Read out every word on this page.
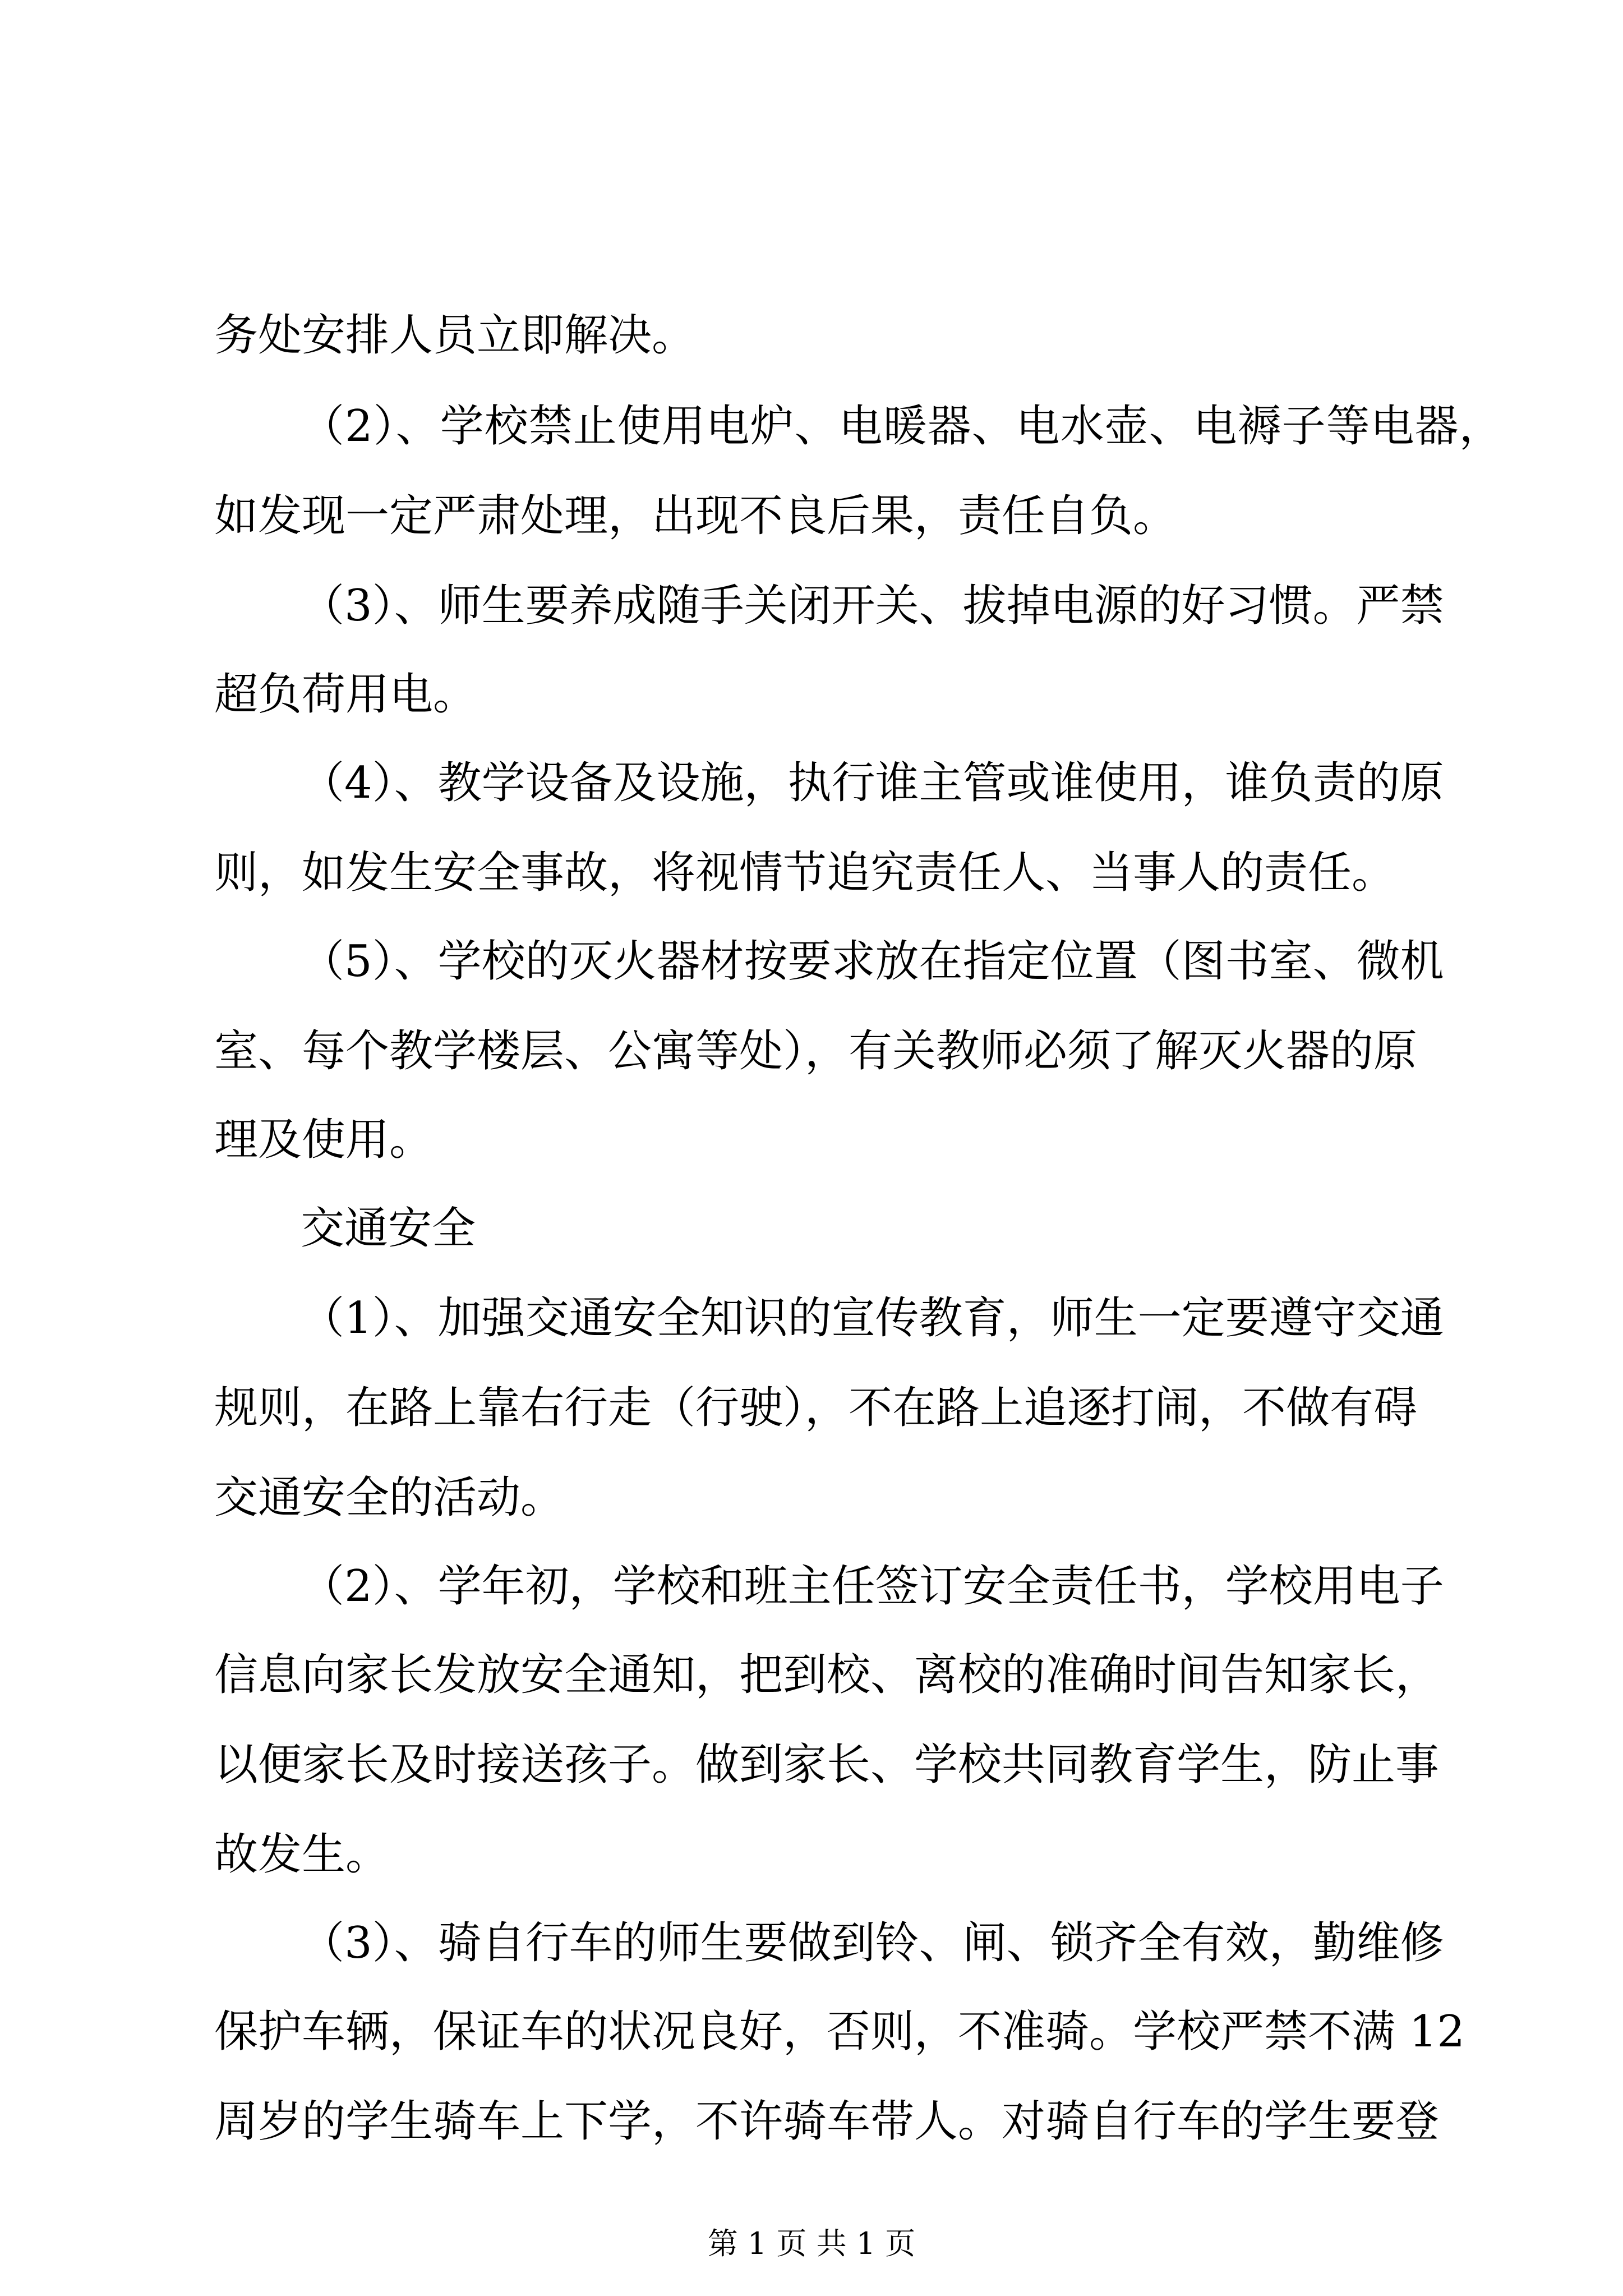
务处安排人员立即解决。
（2）、学校禁止使用电炉、电暖器、电水壶、电褥子等电器，
如发现一定严肃处理，出现不良后果，责任自负。
（3）、师生要养成随手关闭开关、拔掉电源的好习惯。严禁
超负荷用电。
（4）、教学设备及设施，执行谁主管或谁使用，谁负责的原
则，如发生安全事故，将视情节追究责任人、当事人的责任。
（5）、学校的灭火器材按要求放在指定位置（图书室、微机
室、每个教学楼层、公寓等处），有关教师必须了解灭火器的原
理及使用。
交通安全
（1）、加强交通安全知识的宣传教育，师生一定要遵守交通
规则，在路上靠右行走（行驶），不在路上追逐打闹，不做有碍
交通安全的活动。
（2）、学年初，学校和班主任签订安全责任书，学校用电子
信息向家长发放安全通知，把到校、离校的准确时间告知家长，
以便家长及时接送孩子。做到家长、学校共同教育学生，防止事
故发生。
（3）、骑自行车的师生要做到铃、闸、锁齐全有效，勤维修
保护车辆，保证车的状况良好，否则，不准骑。学校严禁不满 12
周岁的学生骑车上下学，不许骑车带人。对骑自行车的学生要登
第 1 页 共 1 页
